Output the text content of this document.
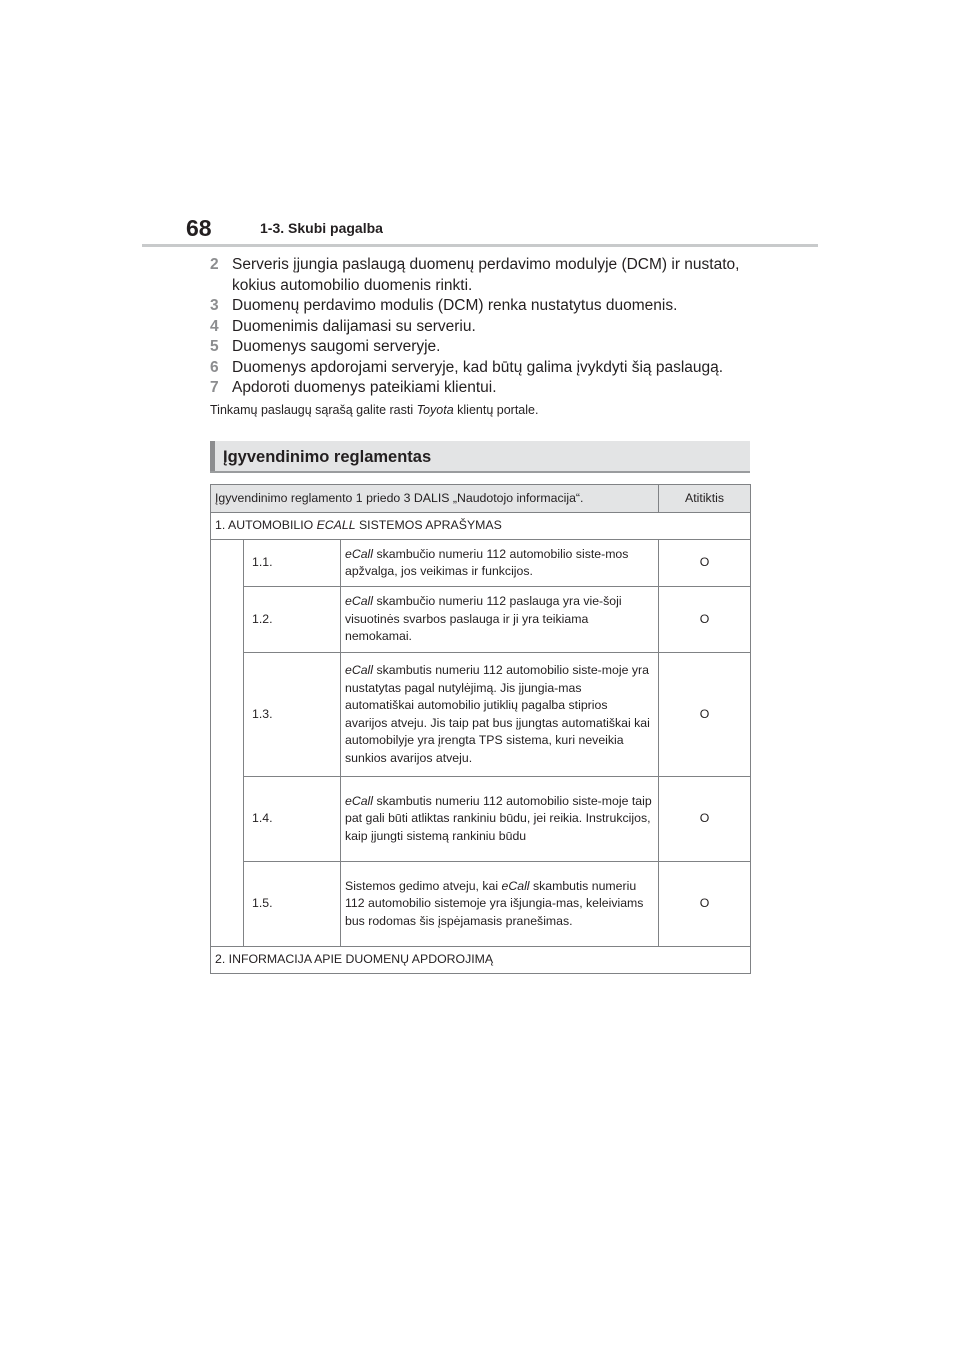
68	1-3. Skubi pagalba
2 Serveris įjungia paslaugą duomenų perdavimo modulyje (DCM) ir nustato, kokius automobilio duomenis rinkti.
3 Duomenų perdavimo modulis (DCM) renka nustatytus duomenis.
4 Duomenimis dalijamasi su serveriu.
5 Duomenys saugomi serveryje.
6 Duomenys apdorojami serveryje, kad būtų galima įvykdyti šią paslaugą.
7 Apdoroti duomenys pateikiami klientui.
Tinkamų paslaugų sąrašą galite rasti Toyota klientų portale.
Įgyvendinimo reglamentas
Įgyvendinimo reglamento 1 priedo 3 DALIS „Naudotojo informacija“.			Atitiktis
1. AUTOMOBILIO ECALL SISTEMOS APRAŠYMAS			
	1.1.	eCall skambučio numeriu 112 automobilio siste-mos apžvalga, jos veikimas ir funkcijos.	O
	1.2.	eCall skambučio numeriu 112 paslauga yra vie-šoji visuotinės svarbos paslauga ir ji yra teikiama nemokamai.	O
	1.3.	eCall skambutis numeriu 112 automobilio siste-moje yra nustatytas pagal nutylėjimą. Jis įjungia-mas automatiškai automobilio jutiklių pagalba stiprios avarijos atveju. Jis taip pat bus įjungtas automatiškai kai automobilyje yra įrengta TPS sistema, kuri neveikia sunkios avarijos atveju.	O
	1.4.	eCall skambutis numeriu 112 automobilio siste-moje taip pat gali būti atliktas rankiniu būdu, jei reikia. Instrukcijos, kaip įjungti sistemą rankiniu būdu	O
	1.5.	Sistemos gedimo atveju, kai eCall skambutis numeriu 112 automobilio sistemoje yra išjungia-mas, keleiviams bus rodomas šis įspėjamasis pranešimas.	O
2. INFORMACIJA APIE DUOMENŲ APDOROJIMĄ			
